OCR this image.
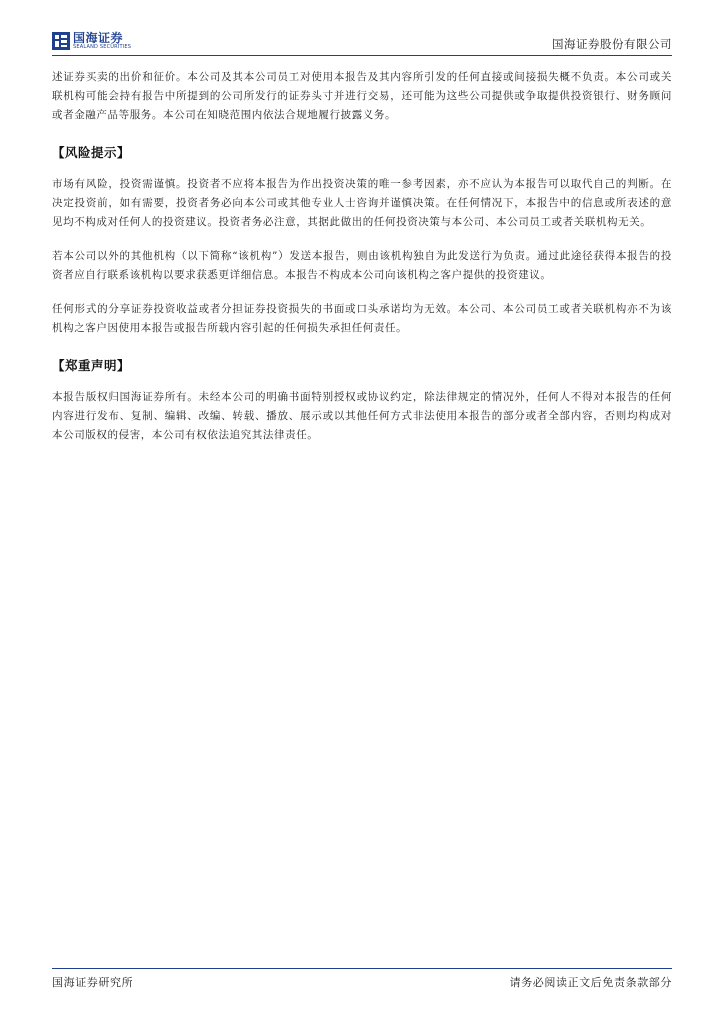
国海证券
SEALAND SECURITIES	国海证券股份有限公司

述证券买卖的出价和征价。本公司及其本公司员工对使用本报告及其内容所引发的任何直接或间接损失概不负责。本公司或关联机构可能会持有报告中所提到的公司所发行的证券头寸并进行交易，还可能为这些公司提供或争取提供投资银行、财务顾问或者金融产品等服务。本公司在知晓范围内依法合规地履行披露义务。

【风险提示】

市场有风险，投资需谨慎。投资者不应将本报告为作出投资决策的唯一参考因素，亦不应认为本报告可以取代自己的判断。在决定投资前，如有需要，投资者务必向本公司或其他专业人士咨询并谨慎决策。在任何情况下，本报告中的信息或所表述的意见均不构成对任何人的投资建议。投资者务必注意，其据此做出的任何投资决策与本公司、本公司员工或者关联机构无关。

若本公司以外的其他机构（以下简称“该机构”）发送本报告，则由该机构独自为此发送行为负责。通过此途径获得本报告的投资者应自行联系该机构以要求获悉更详细信息。本报告不构成本公司向该机构之客户提供的投资建议。

任何形式的分享证券投资收益或者分担证券投资损失的书面或口头承诺均为无效。本公司、本公司员工或者关联机构亦不为该机构之客户因使用本报告或报告所载内容引起的任何损失承担任何责任。

【郑重声明】

本报告版权归国海证券所有。未经本公司的明确书面特别授权或协议约定，除法律规定的情况外，任何人不得对本报告的任何内容进行发布、复制、编辑、改编、转载、播放、展示或以其他任何方式非法使用本报告的部分或者全部内容，否则均构成对本公司版权的侵害，本公司有权依法追究其法律责任。

国海证券研究所	请务必阅读正文后免责条款部分
